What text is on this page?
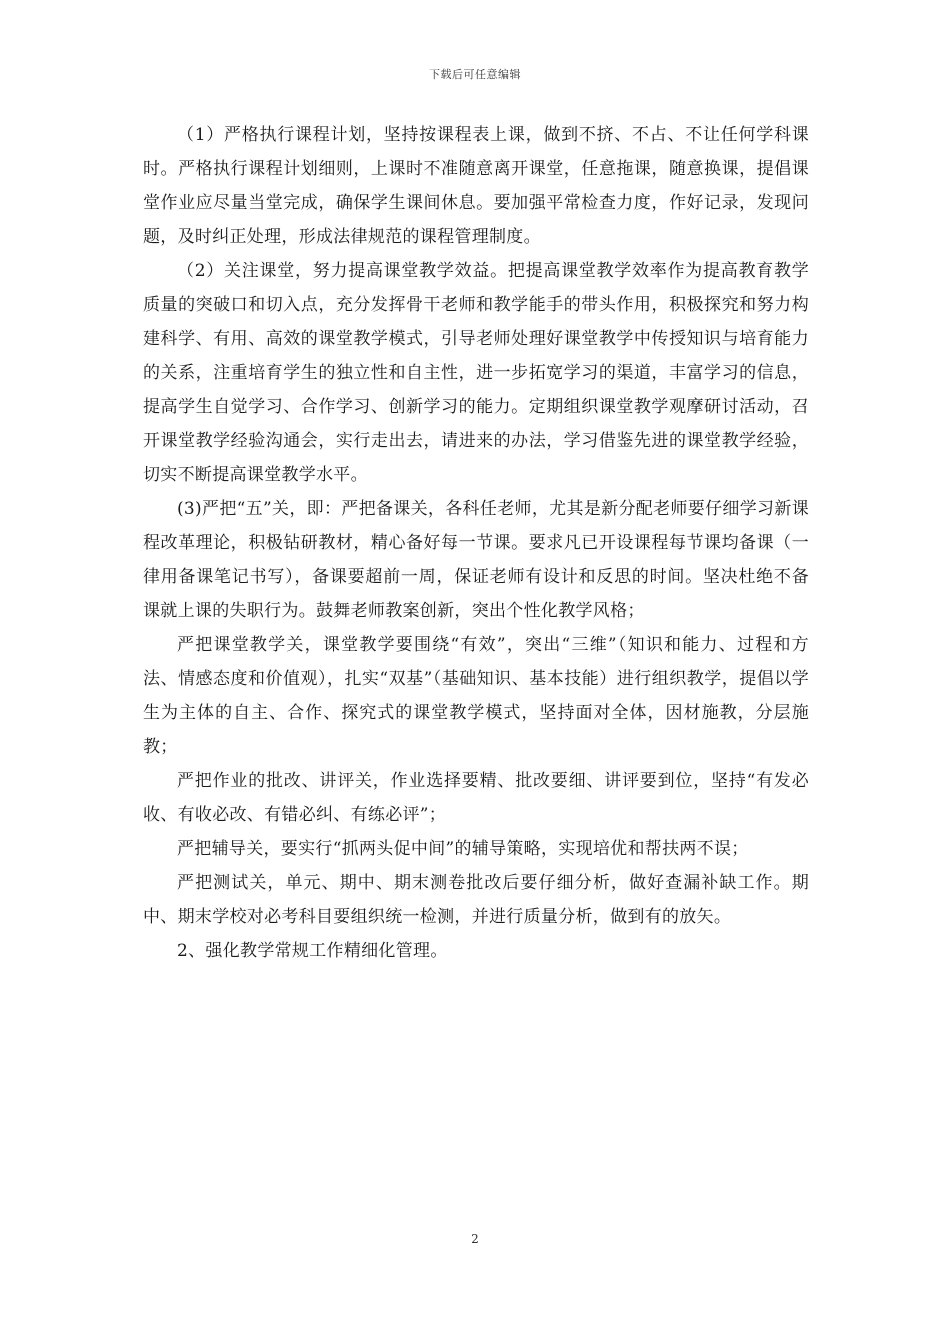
下载后可任意编辑

（1）严格执行课程计划，坚持按课程表上课，做到不挤、不占、不让任何学科课时。严格执行课程计划细则，上课时不准随意离开课堂，任意拖课，随意换课，提倡课堂作业应尽量当堂完成，确保学生课间休息。要加强平常检查力度，作好记录，发现问题，及时纠正处理，形成法律规范的课程管理制度。

（2）关注课堂，努力提高课堂教学效益。把提高课堂教学效率作为提高教育教学质量的突破口和切入点，充分发挥骨干老师和教学能手的带头作用，积极探究和努力构建科学、有用、高效的课堂教学模式，引导老师处理好课堂教学中传授知识与培育能力的关系，注重培育学生的独立性和自主性，进一步拓宽学习的渠道，丰富学习的信息，提高学生自觉学习、合作学习、创新学习的能力。定期组织课堂教学观摩研讨活动，召开课堂教学经验沟通会，实行走出去，请进来的办法，学习借鉴先进的课堂教学经验，切实不断提高课堂教学水平。

(3)严把“五”关，即：严把备课关，各科任老师，尤其是新分配老师要仔细学习新课程改革理论，积极钻研教材，精心备好每一节课。要求凡已开设课程每节课均备课（一律用备课笔记书写），备课要超前一周，保证老师有设计和反思的时间。坚决杜绝不备课就上课的失职行为。鼓舞老师教案创新，突出个性化教学风格；

严把课堂教学关，课堂教学要围绕“有效”，突出“三维”（知识和能力、过程和方法、情感态度和价值观），扎实“双基”（基础知识、基本技能）进行组织教学，提倡以学生为主体的自主、合作、探究式的课堂教学模式，坚持面对全体，因材施教，分层施教；

严把作业的批改、讲评关，作业选择要精、批改要细、讲评要到位，坚持“有发必收、有收必改、有错必纠、有练必评”；

严把辅导关，要实行“抓两头促中间”的辅导策略，实现培优和帮扶两不误；

严把测试关，单元、期中、期末测卷批改后要仔细分析，做好查漏补缺工作。期中、期末学校对必考科目要组织统一检测，并进行质量分析，做到有的放矢。

2、强化教学常规工作精细化管理。

2
